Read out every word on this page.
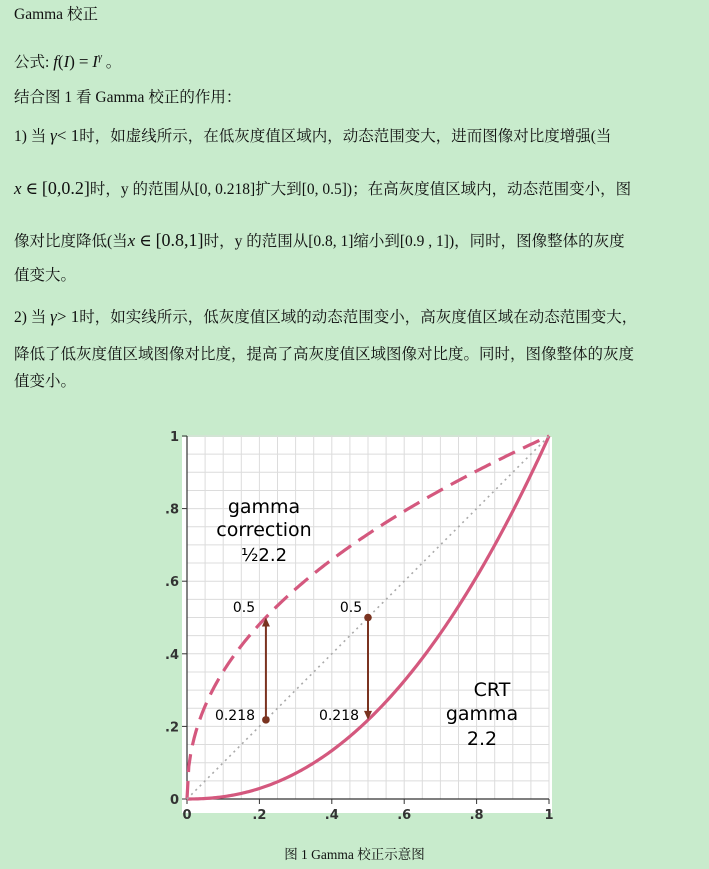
Gamma 校正
公式: $f(I) = I^\gamma$ 。
结合图 1 看 Gamma 校正的作用：
1) 当 γ< 1时，如虚线所示，在低灰度值区域内，动态范围变大，进而图像对比度增强(当
x ∈ [0,0.2]时，y 的范围从[0, 0.218]扩大到[0, 0.5])；在高灰度值区域内，动态范围变小，图
像对比度降低(当x ∈ [0.8,1]时，y 的范围从[0.8, 1]缩小到[0.9 , 1])，同时，图像整体的灰度
值变大。
2) 当 γ> 1时，如实线所示，低灰度值区域的动态范围变小，高灰度值区域在动态范围变大，
降低了低灰度值区域图像对比度，提高了高灰度值区域图像对比度。同时，图像整体的灰度
值变小。
0
0
.2
.2
.4
.4
.6
.6
.8
.8
1
1
gamma
correction
½2.2
CRT
gamma
2.2
0.5
0.218
0.5
0.218
图 1 Gamma 校正示意图
